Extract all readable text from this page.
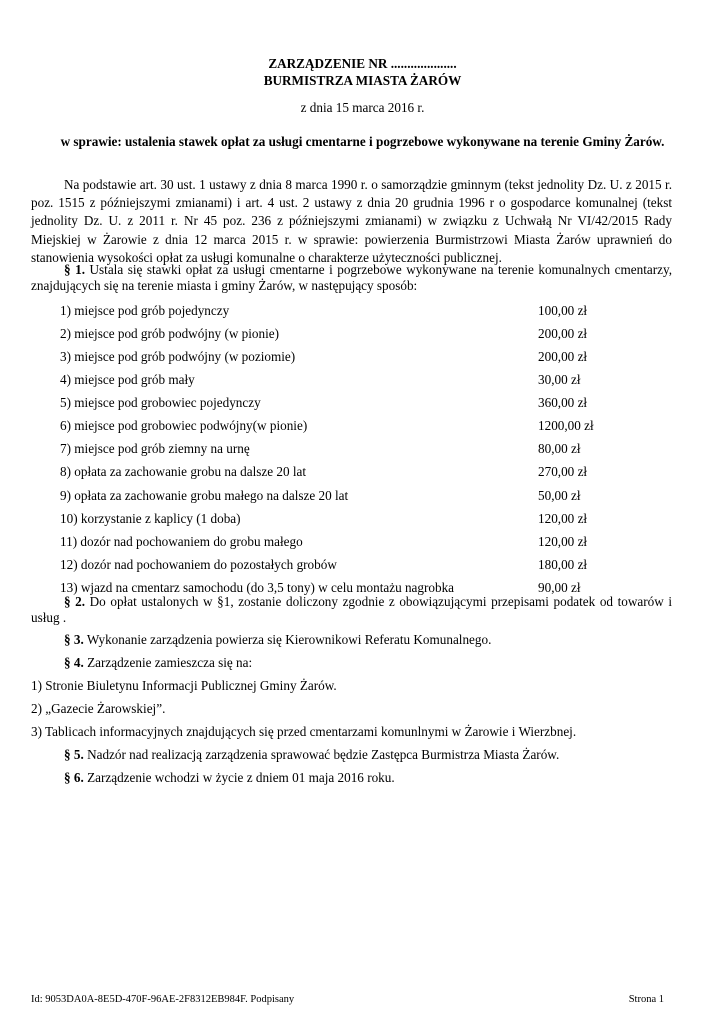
ZARZĄDZENIE NR ....................
BURMISTRZA MIASTA ŻARÓW
z dnia 15 marca 2016 r.
w sprawie: ustalenia stawek opłat za usługi cmentarne i pogrzebowe wykonywane na terenie Gminy Żarów.
Na podstawie art. 30 ust. 1 ustawy z dnia 8 marca 1990 r. o samorządzie gminnym (tekst jednolity Dz. U. z 2015 r. poz. 1515 z późniejszymi zmianami) i art. 4 ust. 2 ustawy z dnia 20 grudnia 1996 r o gospodarce komunalnej (tekst jednolity Dz. U. z 2011 r. Nr 45 poz. 236 z późniejszymi zmianami) w związku z Uchwałą Nr VI/42/2015 Rady Miejskiej w Żarowie z dnia 12 marca 2015 r. w sprawie: powierzenia Burmistrzowi Miasta Żarów uprawnień do stanowienia wysokości opłat za usługi komunalne o charakterze użyteczności publicznej.
§ 1. Ustala się stawki opłat za usługi cmentarne i pogrzebowe wykonywane na terenie komunalnych cmentarzy, znajdujących się na terenie miasta i gminy Żarów, w następujący sposób:
1) miejsce pod grób pojedynczy	100,00 zł
2) miejsce pod grób podwójny (w pionie)	200,00 zł
3) miejsce pod grób podwójny (w poziomie)	200,00 zł
4) miejsce pod grób mały	30,00 zł
5) miejsce pod grobowiec pojedynczy	360,00 zł
6) miejsce pod grobowiec podwójny(w pionie)	1200,00 zł
7) miejsce pod grób ziemny na urnę	80,00 zł
8) opłata za zachowanie grobu na dalsze 20 lat	270,00 zł
9) opłata za zachowanie grobu małego na dalsze 20 lat	50,00 zł
10) korzystanie z kaplicy (1 doba)	120,00 zł
11) dozór nad pochowaniem do grobu małego	120,00 zł
12) dozór nad pochowaniem do pozostałych grobów	180,00 zł
13) wjazd na cmentarz samochodu (do 3,5 tony) w celu montażu nagrobka	90,00 zł
§ 2. Do opłat ustalonych w §1, zostanie doliczony zgodnie z obowiązującymi przepisami podatek od towarów i usług .
§ 3. Wykonanie zarządzenia powierza się Kierownikowi Referatu Komunalnego.
§ 4. Zarządzenie zamieszcza się na:
1) Stronie Biuletynu Informacji Publicznej Gminy Żarów.
2) „Gazecie Żarowskiej”.
3) Tablicach informacyjnych znajdujących się przed cmentarzami komunlnymi w Żarowie i Wierzbnej.
§ 5. Nadzór nad realizacją zarządzenia sprawować będzie Zastępca Burmistrza Miasta Żarów.
§ 6. Zarządzenie wchodzi w życie z dniem 01 maja 2016 roku.
Id: 9053DA0A-8E5D-470F-96AE-2F8312EB984F. Podpisany	Strona 1
